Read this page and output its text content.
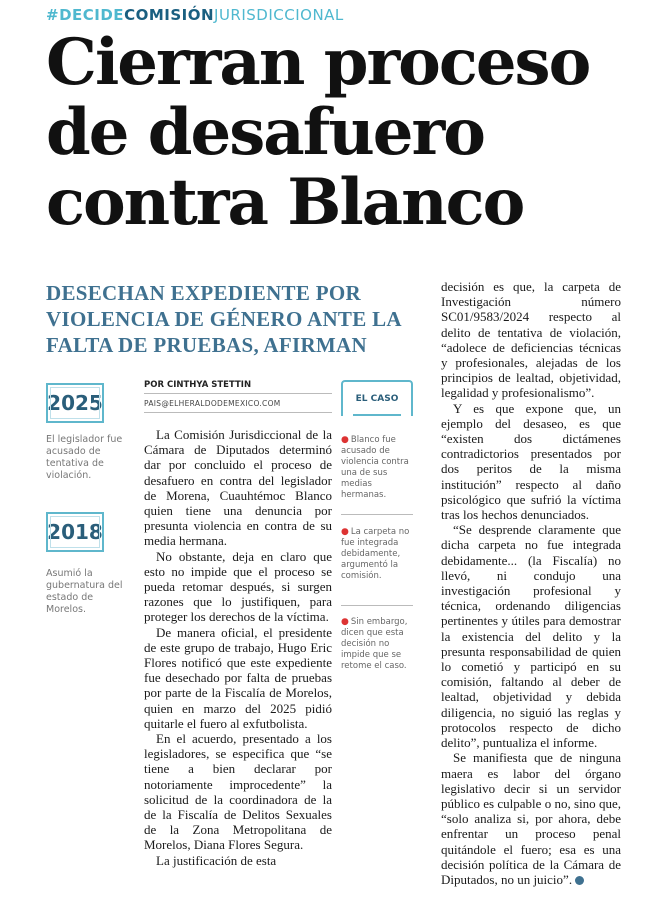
#DECIDECOMISIÓNJURISDICCIONAL
Cierran proceso
de desafuero
contra Blanco
DESECHAN EXPEDIENTE POR VIOLENCIA DE GÉNERO ANTE LA FALTA DE PRUEBAS, AFIRMAN
2025
El legislador fue acusado de tentativa de violación.
2018
Asumió la gubernatura del estado de Morelos.
POR CINTHYA STETTIN
PAIS@ELHERALDODEMEXICO.COM

La Comisión Jurisdiccional de la Cámara de Diputados determinó dar por concluido el proceso de desafuero en contra del legislador de Morena, Cuauhtémoc Blanco quien tiene una denuncia por presunta violencia en contra de su media hermana.

No obstante, deja en claro que esto no impide que el proceso se pueda retomar después, si surgen razones que lo justifiquen, para proteger los derechos de la víctima.

De manera oficial, el presidente de este grupo de trabajo, Hugo Eric Flores notificó que este expediente fue desechado por falta de pruebas por parte de la Fiscalía de Morelos, quien en marzo del 2025 pidió quitarle el fuero al exfutbolista.

En el acuerdo, presentado a los legisladores, se especifica que “se tiene a bien declarar por notoriamente improcedente” la solicitud de la coordinadora de la de la Fiscalía de Delitos Sexuales de la Zona Metropolitana de Morelos, Diana Flores Segura.

La justificación de esta

EL CASO
● Blanco fue acusado de violencia contra una de sus medias hermanas.
● La carpeta no fue integrada debidamente, argumentó la comisión.
● Sin embargo, dicen que esta decisión no impide que se retome el caso.

decisión es que, la carpeta de Investigación número SC01/9583/2024 respecto al delito de tentativa de violación, “adolece de deficiencias técnicas y profesionales, alejadas de los principios de lealtad, objetividad, legalidad y profesionalismo”.

Y es que expone que, un ejemplo del desaseo, es que “existen dos dictámenes contradictorios presentados por dos peritos de la misma institución” respecto al daño psicológico que sufrió la víctima tras los hechos denunciados.

“Se desprende claramente que dicha carpeta no fue integrada debidamente... (la Fiscalía) no llevó, ni condujo una investigación profesional y técnica, ordenando diligencias pertinentes y útiles para demostrar la existencia del delito y la presunta responsabilidad de quien lo cometió y participó en su comisión, faltando al deber de lealtad, objetividad y debida diligencia, no siguió las reglas y protocolos respecto de dicho delito”, puntualiza el informe.

Se manifiesta que de ninguna maera es labor del órgano legislativo decir si un servidor público es culpable o no, sino que, “solo analiza si, por ahora, debe enfrentar un proceso penal quitándole el fuero; esa es una decisión política de la Cámara de Diputados, no un juicio”.	H
